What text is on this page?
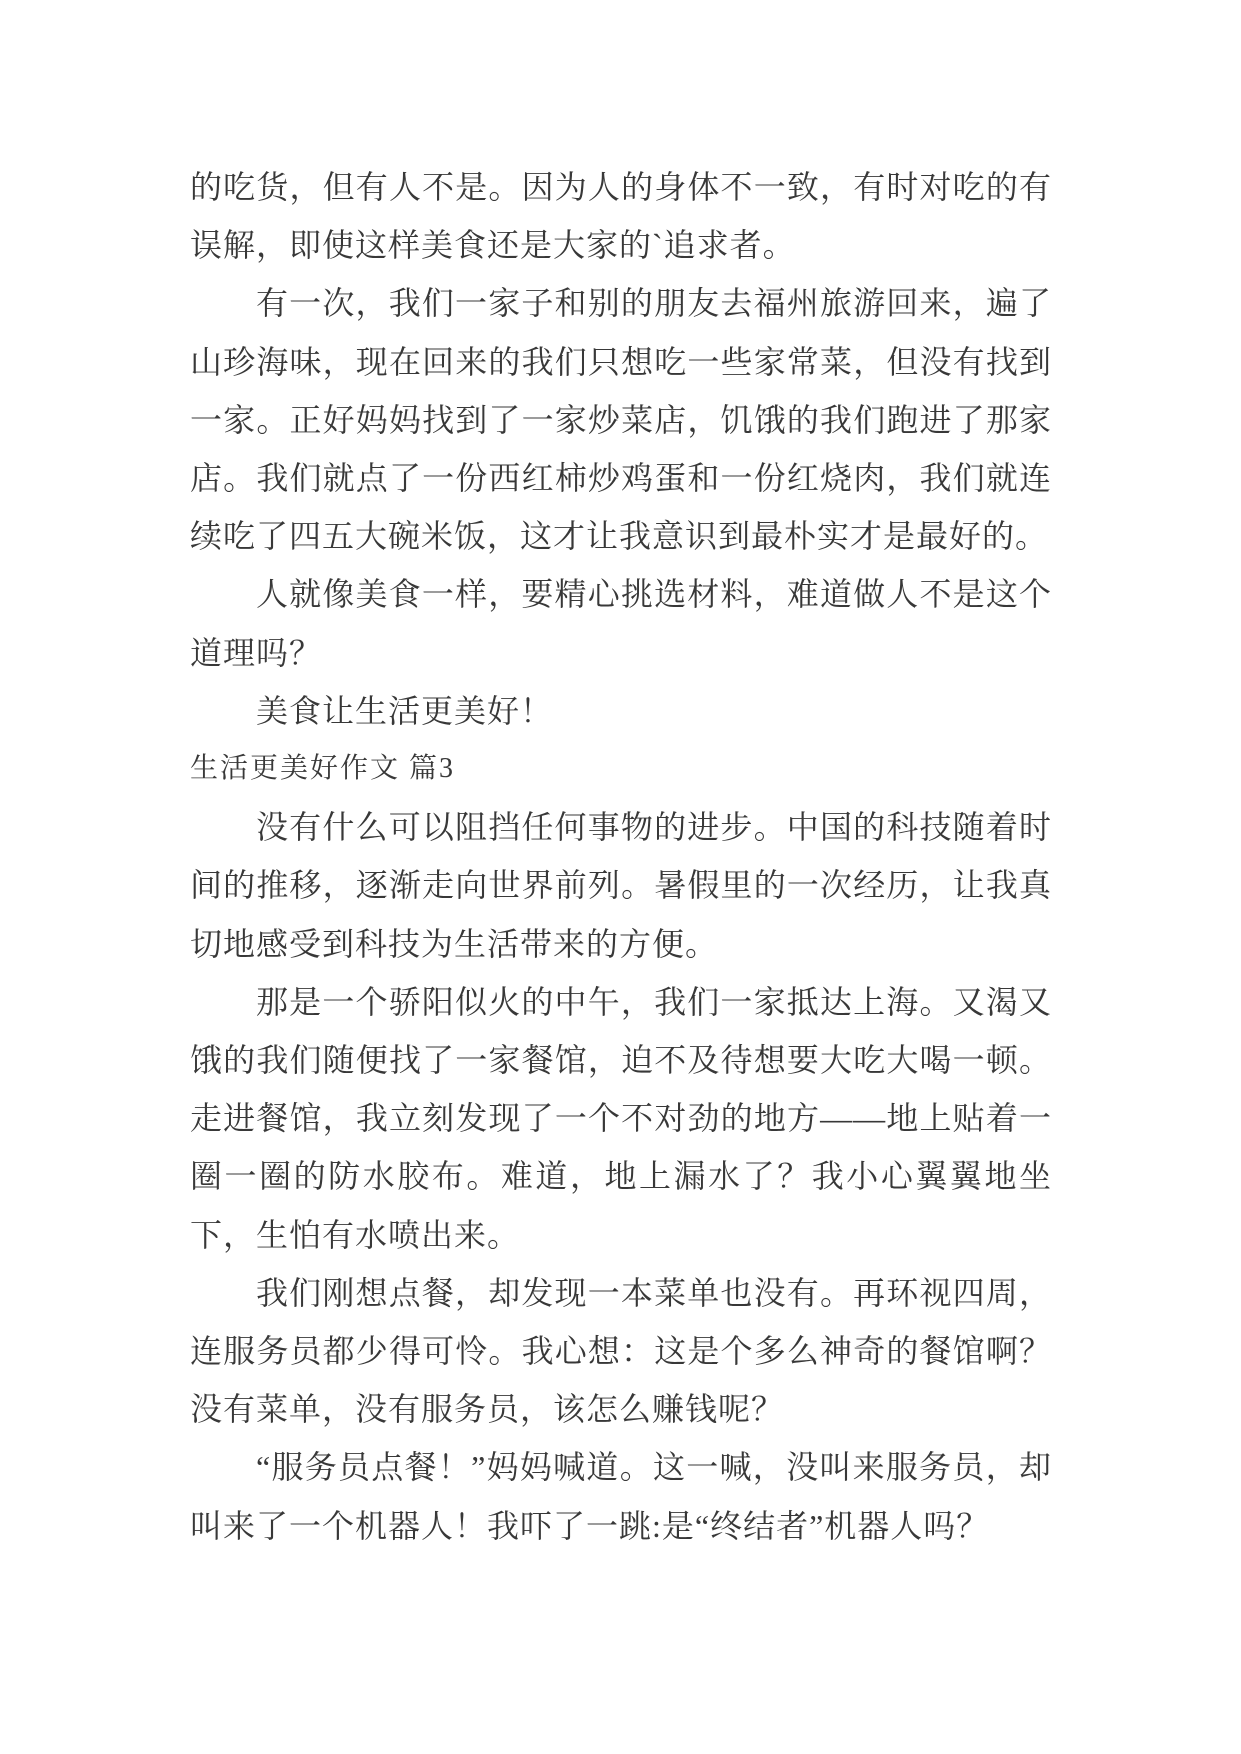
的吃货，但有人不是。因为人的身体不一致，有时对吃的有误解，即使这样美食还是大家的`追求者。

有一次，我们一家子和别的朋友去福州旅游回来，遍了山珍海味，现在回来的我们只想吃一些家常菜，但没有找到一家。正好妈妈找到了一家炒菜店，饥饿的我们跑进了那家店。我们就点了一份西红柿炒鸡蛋和一份红烧肉，我们就连续吃了四五大碗米饭，这才让我意识到最朴实才是最好的。

人就像美食一样，要精心挑选材料，难道做人不是这个道理吗？

美食让生活更美好！

生活更美好作文 篇3

没有什么可以阻挡任何事物的进步。中国的科技随着时间的推移，逐渐走向世界前列。暑假里的一次经历，让我真切地感受到科技为生活带来的方便。

那是一个骄阳似火的中午，我们一家抵达上海。又渴又饿的我们随便找了一家餐馆，迫不及待想要大吃大喝一顿。走进餐馆，我立刻发现了一个不对劲的地方——地上贴着一圈一圈的防水胶布。难道，地上漏水了？我小心翼翼地坐下，生怕有水喷出来。

我们刚想点餐，却发现一本菜单也没有。再环视四周，连服务员都少得可怜。我心想：这是个多么神奇的餐馆啊？没有菜单，没有服务员，该怎么赚钱呢？

“服务员点餐！”妈妈喊道。这一喊，没叫来服务员，却叫来了一个机器人！我吓了一跳:是“终结者”机器人吗？
